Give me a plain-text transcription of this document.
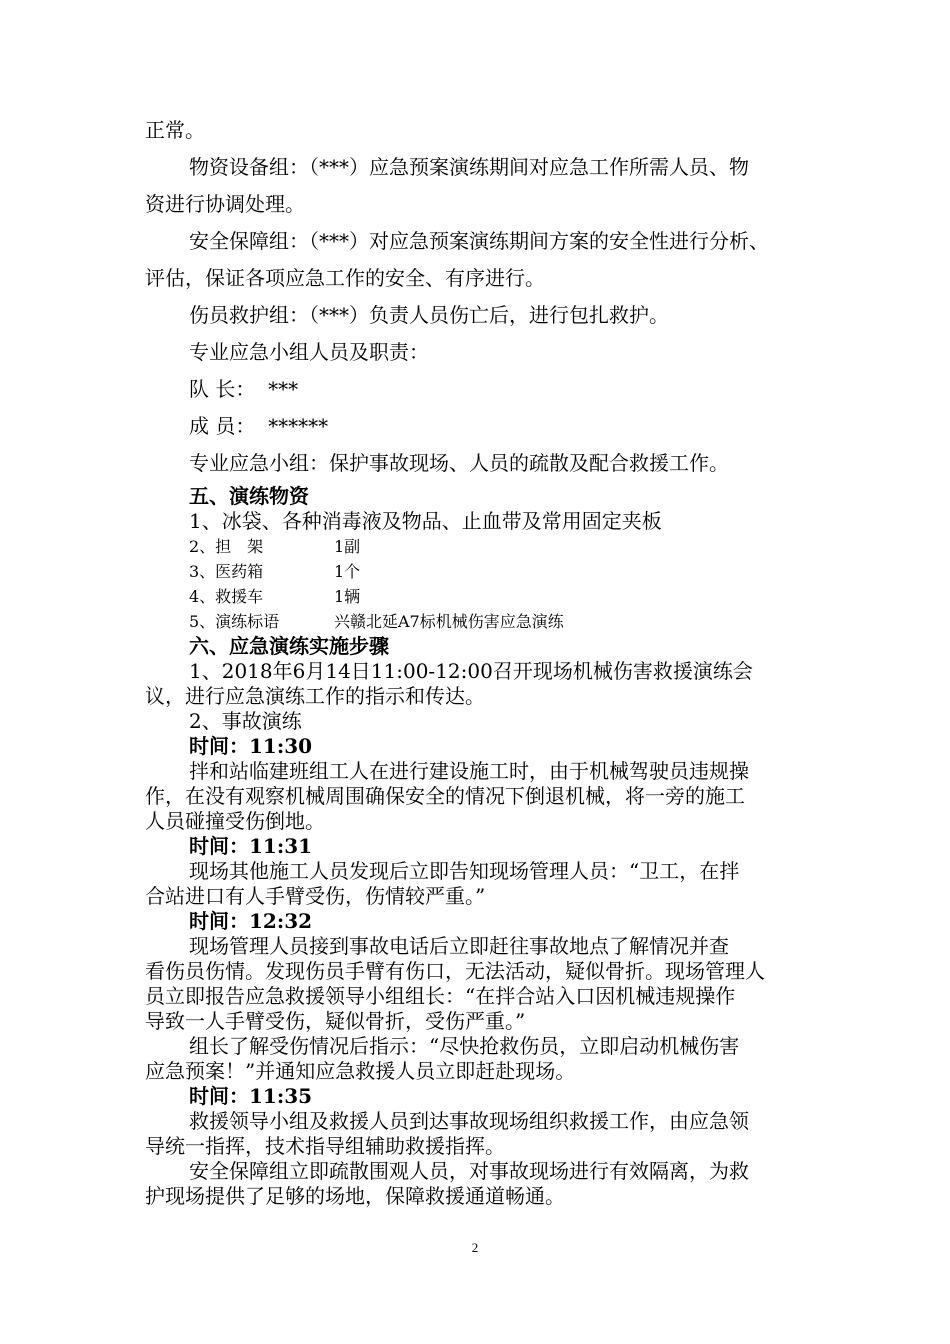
正常。

物资设备组：（***）应急预案演练期间对应急工作所需人员、物

资进行协调处理。

安全保障组：（***）对应急预案演练期间方案的安全性进行分析、

评估，保证各项应急工作的安全、有序进行。

伤员救护组：（***）负责人员伤亡后，进行包扎救护。

专业应急小组人员及职责：

队 长：  ***

成 员：  ******

专业应急小组：保护事故现场、人员的疏散及配合救援工作。

五、演练物资

1、冰袋、各种消毒液及物品、止血带及常用固定夹板

2、担　架	1副
3、医药箱	1个
4、救援车	1辆
5、演练标语	兴赣北延A7标机械伤害应急演练

六、应急演练实施步骤

1、2018年6月14日11:00-12:00召开现场机械伤害救援演练会

议，进行应急演练工作的指示和传达。

2、事故演练

时间：11:30

拌和站临建班组工人在进行建设施工时，由于机械驾驶员违规操

作，在没有观察机械周围确保安全的情况下倒退机械，将一旁的施工

人员碰撞受伤倒地。

时间：11:31

现场其他施工人员发现后立即告知现场管理人员：“卫工，在拌

合站进口有人手臂受伤，伤情较严重。”

时间：12:32

现场管理人员接到事故电话后立即赶往事故地点了解情况并查

看伤员伤情。发现伤员手臂有伤口，无法活动，疑似骨折。现场管理人

员立即报告应急救援领导小组组长：“在拌合站入口因机械违规操作

导致一人手臂受伤，疑似骨折，受伤严重。”

组长了解受伤情况后指示：“尽快抢救伤员，立即启动机械伤害

应急预案！”并通知应急救援人员立即赶赴现场。

时间：11:35

救援领导小组及救援人员到达事故现场组织救援工作，由应急领

导统一指挥，技术指导组辅助救援指挥。

安全保障组立即疏散围观人员，对事故现场进行有效隔离，为救

护现场提供了足够的场地，保障救援通道畅通。

2
